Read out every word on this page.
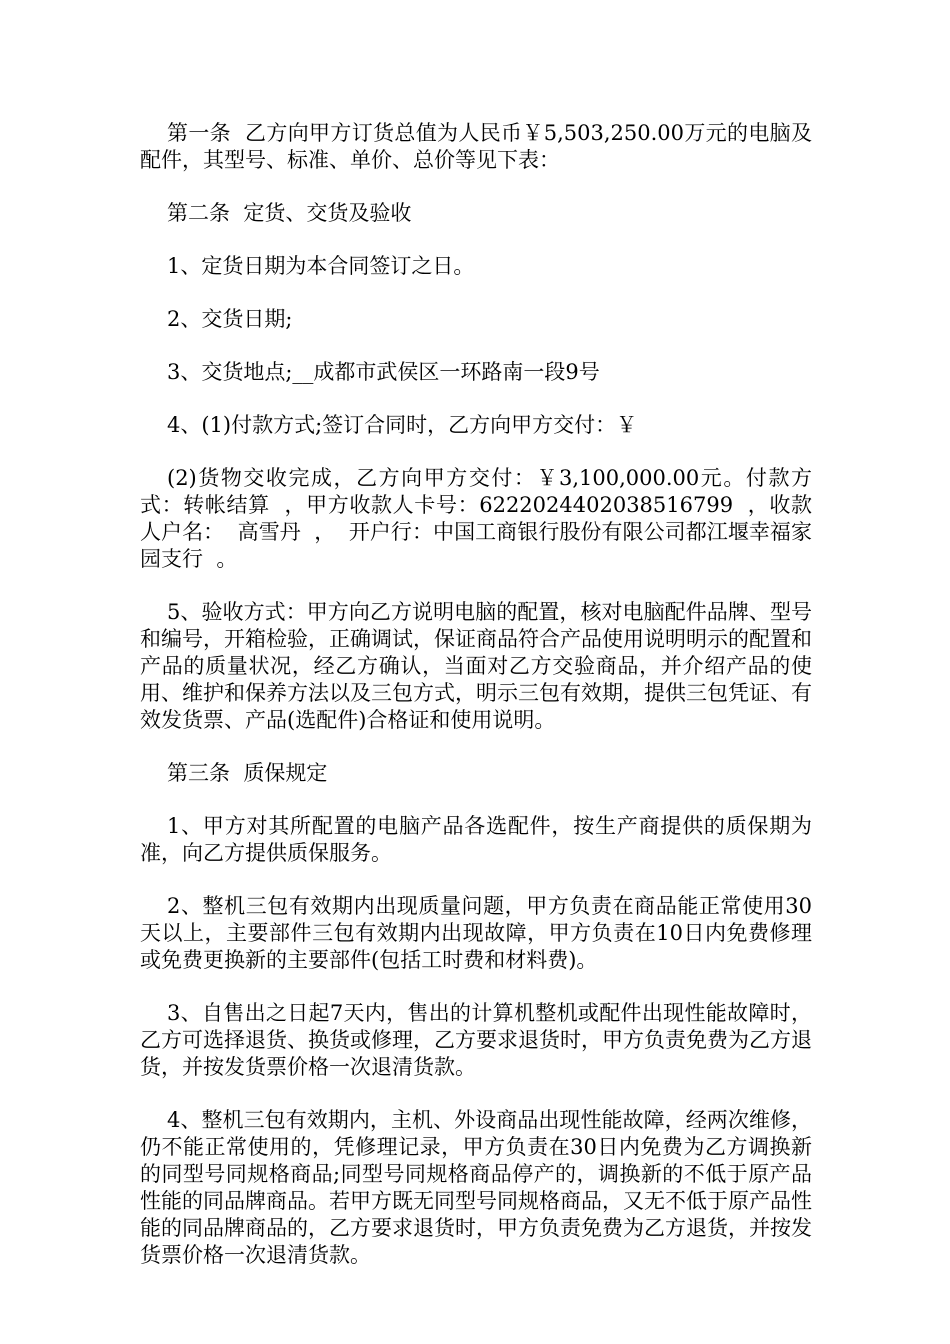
第一条  乙方向甲方订货总值为人民币￥5,503,250.00万元的电脑及配件，其型号、标准、单价、总价等见下表：

第二条  定货、交货及验收

1、定货日期为本合同签订之日。

2、交货日期;

3、交货地点;__成都市武侯区一环路南一段9号

4、(1)付款方式;签订合同时，乙方向甲方交付：￥

(2)货物交收完成，乙方向甲方交付：￥3,100,000.00元。付款方式：转帐结算  ，甲方收款人卡号：6222024402038516799  ，收款人户名：  高雪丹  ，  开户行：中国工商银行股份有限公司都江堰幸福家园支行  。

5、验收方式：甲方向乙方说明电脑的配置，核对电脑配件品牌、型号和编号，开箱检验，正确调试，保证商品符合产品使用说明明示的配置和产品的质量状况，经乙方确认，当面对乙方交验商品，并介绍产品的使用、维护和保养方法以及三包方式，明示三包有效期，提供三包凭证、有效发货票、产品(选配件)合格证和使用说明。

第三条  质保规定

1、甲方对其所配置的电脑产品各选配件，按生产商提供的质保期为准，向乙方提供质保服务。

2、整机三包有效期内出现质量问题，甲方负责在商品能正常使用30天以上，主要部件三包有效期内出现故障，甲方负责在10日内免费修理或免费更换新的主要部件(包括工时费和材料费)。

3、自售出之日起7天内，售出的计算机整机或配件出现性能故障时，乙方可选择退货、换货或修理，乙方要求退货时，甲方负责免费为乙方退货，并按发货票价格一次退清货款。

4、整机三包有效期内，主机、外设商品出现性能故障，经两次维修，仍不能正常使用的，凭修理记录，甲方负责在30日内免费为乙方调换新的同型号同规格商品;同型号同规格商品停产的，调换新的不低于原产品性能的同品牌商品。若甲方既无同型号同规格商品，又无不低于原产品性能的同品牌商品的，乙方要求退货时，甲方负责免费为乙方退货，并按发货票价格一次退清货款。
